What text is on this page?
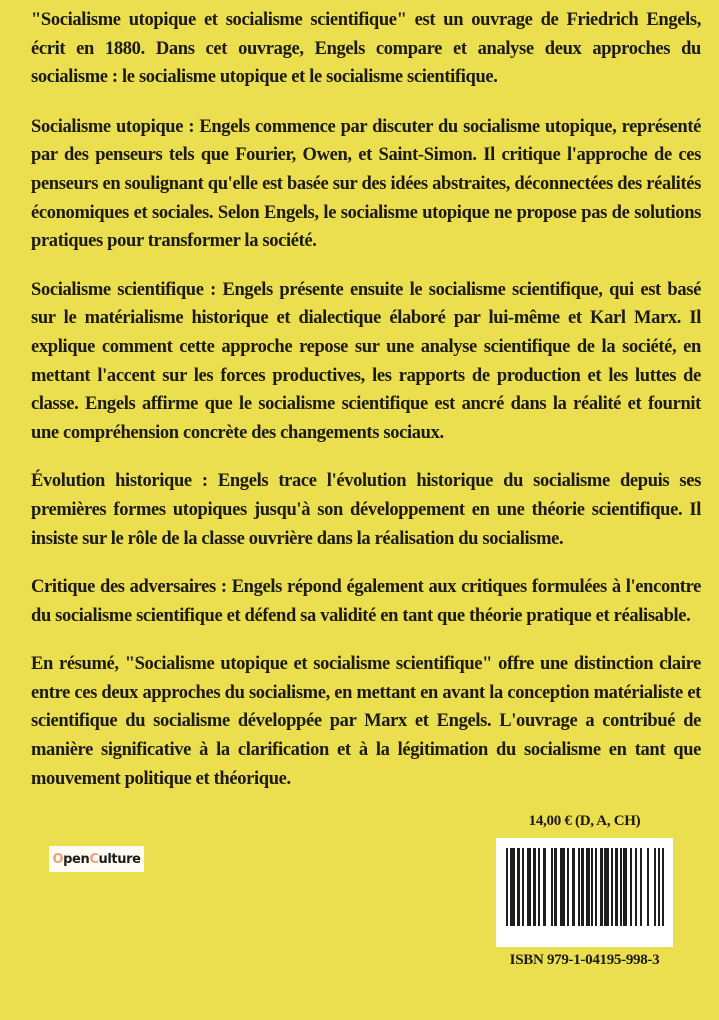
"Socialisme utopique et socialisme scientifique" est un ouvrage de Friedrich Engels, écrit en 1880. Dans cet ouvrage, Engels compare et analyse deux approches du socialisme : le socialisme utopique et le socialisme scientifique.

Socialisme utopique : Engels commence par discuter du socialisme utopique, représenté par des penseurs tels que Fourier, Owen, et Saint-Simon. Il critique l'approche de ces penseurs en soulignant qu'elle est basée sur des idées abstraites, déconnectées des réalités économiques et sociales. Selon Engels, le socialisme utopique ne propose pas de solutions pratiques pour transformer la société.

Socialisme scientifique : Engels présente ensuite le socialisme scientifique, qui est basé sur le matérialisme historique et dialectique élaboré par lui-même et Karl Marx. Il explique comment cette approche repose sur une analyse scientifique de la société, en mettant l'accent sur les forces productives, les rapports de production et les luttes de classe. Engels affirme que le socialisme scientifique est ancré dans la réalité et fournit une compréhension concrète des changements sociaux.

Évolution historique : Engels trace l'évolution historique du socialisme depuis ses premières formes utopiques jusqu'à son développement en une théorie scientifique. Il insiste sur le rôle de la classe ouvrière dans la réalisation du socialisme.

Critique des adversaires : Engels répond également aux critiques formulées à l'encontre du socialisme scientifique et défend sa validité en tant que théorie pratique et réalisable.

En résumé, "Socialisme utopique et socialisme scientifique" offre une distinction claire entre ces deux approches du socialisme, en mettant en avant la conception matérialiste et scientifique du socialisme développée par Marx et Engels. L'ouvrage a contribué de manière significative à la clarification et à la légitimation du socialisme en tant que mouvement politique et théorique.

O pen C ulture
14,00 € (D, A, CH)
ISBN 979-1-04195-998-3
